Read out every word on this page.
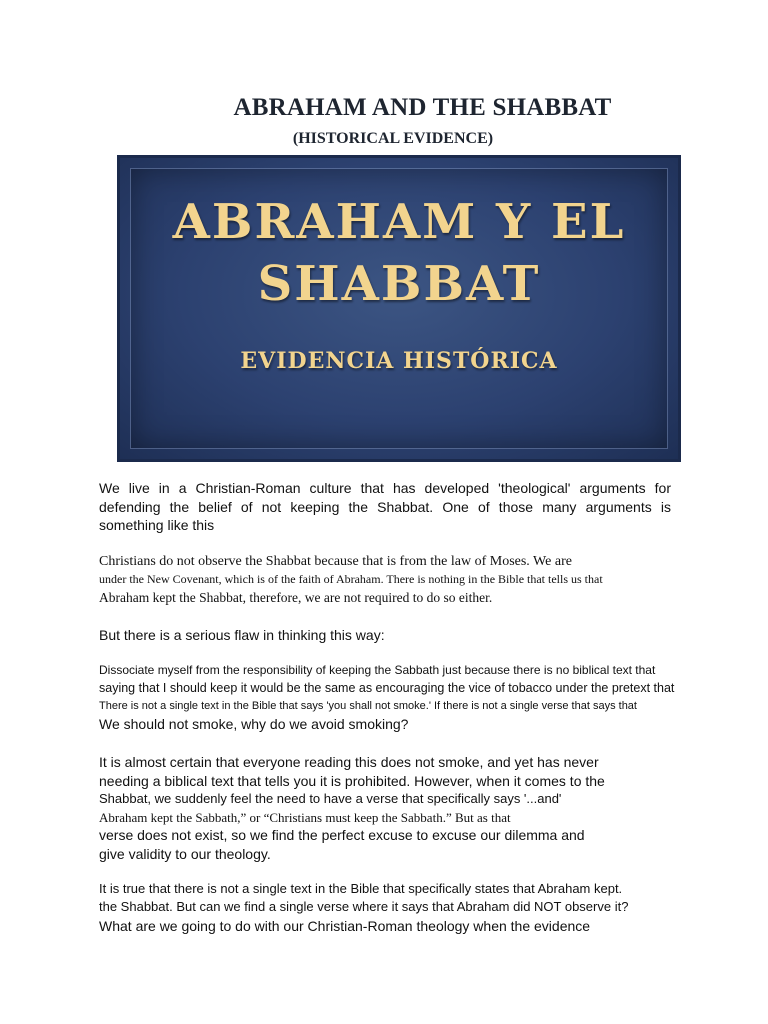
ABRAHAM AND THE SHABBAT
(HISTORICAL EVIDENCE)

ABRAHAM Y EL

SHABBAT

EVIDENCIA HISTÓRICA

We live in a Christian-Roman culture that has developed 'theological' arguments for defending the belief of not keeping the Shabbat. One of those many arguments is something like this

Christians do not observe the Shabbat because that is from the law of Moses. We are
under the New Covenant, which is of the faith of Abraham. There is nothing in the Bible that tells us that
Abraham kept the Shabbat, therefore, we are not required to do so either.

But there is a serious flaw in thinking this way:

Dissociate myself from the responsibility of keeping the Sabbath just because there is no biblical text that
saying that I should keep it would be the same as encouraging the vice of tobacco under the pretext that
There is not a single text in the Bible that says 'you shall not smoke.' If there is not a single verse that says that
We should not smoke, why do we avoid smoking?
It is almost certain that everyone reading this does not smoke, and yet has never
needing a biblical text that tells you it is prohibited. However, when it comes to the
Shabbat, we suddenly feel the need to have a verse that specifically says '...and'
Abraham kept the Sabbath,” or “Christians must keep the Sabbath.” But as that
verse does not exist, so we find the perfect excuse to excuse our dilemma and
give validity to our theology.
It is true that there is not a single text in the Bible that specifically states that Abraham kept.
the Shabbat. But can we find a single verse where it says that Abraham did NOT observe it?
What are we going to do with our Christian-Roman theology when the evidence
